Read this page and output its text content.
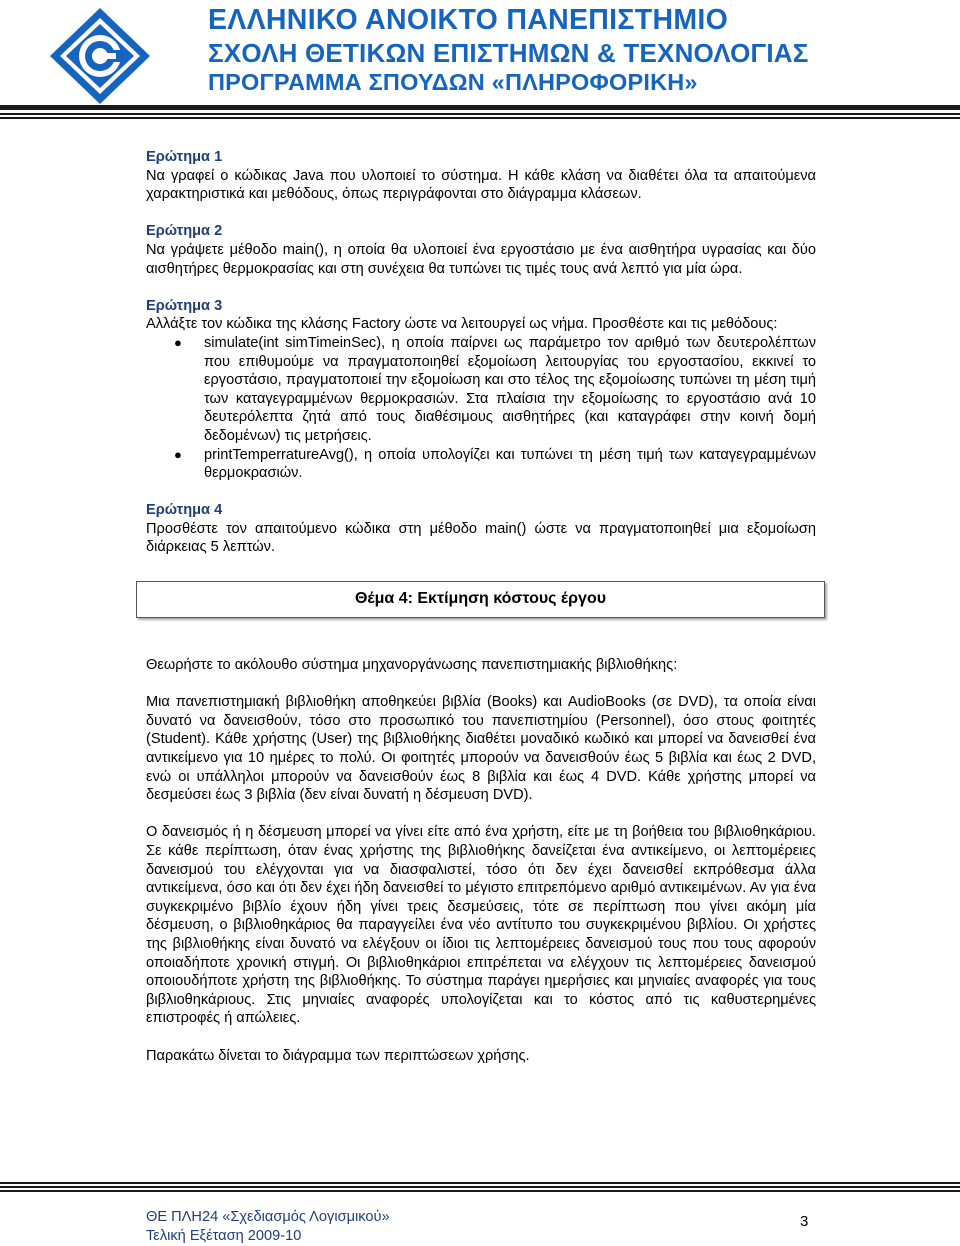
ΕΛΛΗΝΙΚΟ ΑΝΟΙΚΤΟ ΠΑΝΕΠΙΣΤΗΜΙΟ
ΣΧΟΛΗ ΘΕΤΙΚΩΝ ΕΠΙΣΤΗΜΩΝ & ΤΕΧΝΟΛΟΓΙΑΣ
ΠΡΟΓΡΑΜΜΑ ΣΠΟΥΔΩΝ «ΠΛΗΡΟΦΟΡΙΚΗ»
Ερώτημα 1

Να γραφεί ο κώδικας Java που υλοποιεί το σύστημα. Η κάθε κλάση να διαθέτει όλα τα απαιτούμενα χαρακτηριστικά και μεθόδους, όπως περιγράφονται στο διάγραμμα κλάσεων.

Ερώτημα 2

Να γράψετε μέθοδο main(), η οποία θα υλοποιεί ένα εργοστάσιο με ένα αισθητήρα υγρασίας και δύο αισθητήρες θερμοκρασίας και στη συνέχεια θα τυπώνει τις τιμές τους ανά λεπτό για μία ώρα.

Ερώτημα 3

Αλλάξτε τον κώδικα της κλάσης Factory ώστε να λειτουργεί ως νήμα. Προσθέστε και τις μεθόδους:

● simulate(int simTimeinSec), η οποία παίρνει ως παράμετρο τον αριθμό των δευτερολέπτων που επιθυμούμε να πραγματοποιηθεί εξομοίωση λειτουργίας του εργοστασίου, εκκινεί το εργοστάσιο, πραγματοποιεί την εξομοίωση και στο τέλος της εξομοίωσης τυπώνει τη μέση τιμή των καταγεγραμμένων θερμοκρασιών. Στα πλαίσια την εξομοίωσης το εργοστάσιο ανά 10 δευτερόλεπτα ζητά από τους διαθέσιμους αισθητήρες (και καταγράφει στην κοινή δομή δεδομένων) τις μετρήσεις.
● printTemperratureAvg(), η οποία υπολογίζει και τυπώνει τη μέση τιμή των καταγεγραμμένων θερμοκρασιών.
Ερώτημα 4

Προσθέστε τον απαιτούμενο κώδικα στη μέθοδο main() ώστε να πραγματοποιηθεί μια εξομοίωση διάρκειας 5 λεπτών.

Θέμα 4: Εκτίμηση κόστους έργου

Θεωρήστε το ακόλουθο σύστημα μηχανοργάνωσης πανεπιστημιακής βιβλιοθήκης:

Μια πανεπιστημιακή βιβλιοθήκη αποθηκεύει βιβλία (Books) και AudioBooks (σε DVD), τα οποία είναι δυνατό να δανεισθούν, τόσο στο προσωπικό του πανεπιστημίου (Personnel), όσο στους φοιτητές (Student). Κάθε χρήστης (User) της βιβλιοθήκης διαθέτει μοναδικό κωδικό και μπορεί να δανεισθεί ένα αντικείμενο για 10 ημέρες το πολύ. Οι φοιτητές μπορούν να δανεισθούν έως 5 βιβλία και έως 2 DVD, ενώ οι υπάλληλοι μπορούν να δανεισθούν έως 8 βιβλία και έως 4 DVD. Κάθε χρήστης μπορεί να δεσμεύσει έως 3 βιβλία (δεν είναι δυνατή η δέσμευση DVD).

Ο δανεισμός ή η δέσμευση μπορεί να γίνει είτε από ένα χρήστη, είτε με τη βοήθεια του βιβλιοθηκάριου. Σε κάθε περίπτωση, όταν ένας χρήστης της βιβλιοθήκης δανείζεται ένα αντικείμενο, οι λεπτομέρειες δανεισμού του ελέγχονται για να διασφαλιστεί, τόσο ότι δεν έχει δανεισθεί εκπρόθεσμα άλλα αντικείμενα, όσο και ότι δεν έχει ήδη δανεισθεί το μέγιστο επιτρεπόμενο αριθμό αντικειμένων. Αν για ένα συγκεκριμένο βιβλίο έχουν ήδη γίνει τρεις δεσμεύσεις, τότε σε περίπτωση που γίνει ακόμη μία δέσμευση, ο βιβλιοθηκάριος θα παραγγείλει ένα νέο αντίτυπο του συγκεκριμένου βιβλίου. Οι χρήστες της βιβλιοθήκης είναι δυνατό να ελέγξουν οι ίδιοι τις λεπτομέρειες δανεισμού τους που τους αφορούν οποιαδήποτε χρονική στιγμή. Οι βιβλιοθηκάριοι επιτρέπεται να ελέγχουν τις λεπτομέρειες δανεισμού οποιουδήποτε χρήστη της βιβλιοθήκης. Το σύστημα παράγει ημερήσιες και μηνιαίες αναφορές για τους βιβλιοθηκάριους. Στις μηνιαίες αναφορές υπολογίζεται και το κόστος από τις καθυστερημένες επιστροφές ή απώλειες.

Παρακάτω δίνεται το διάγραμμα των περιπτώσεων χρήσης.

ΘΕ ΠΛΗ24 «Σχεδιασμός Λογισμικού»
Τελική Εξέταση 2009-10
3
